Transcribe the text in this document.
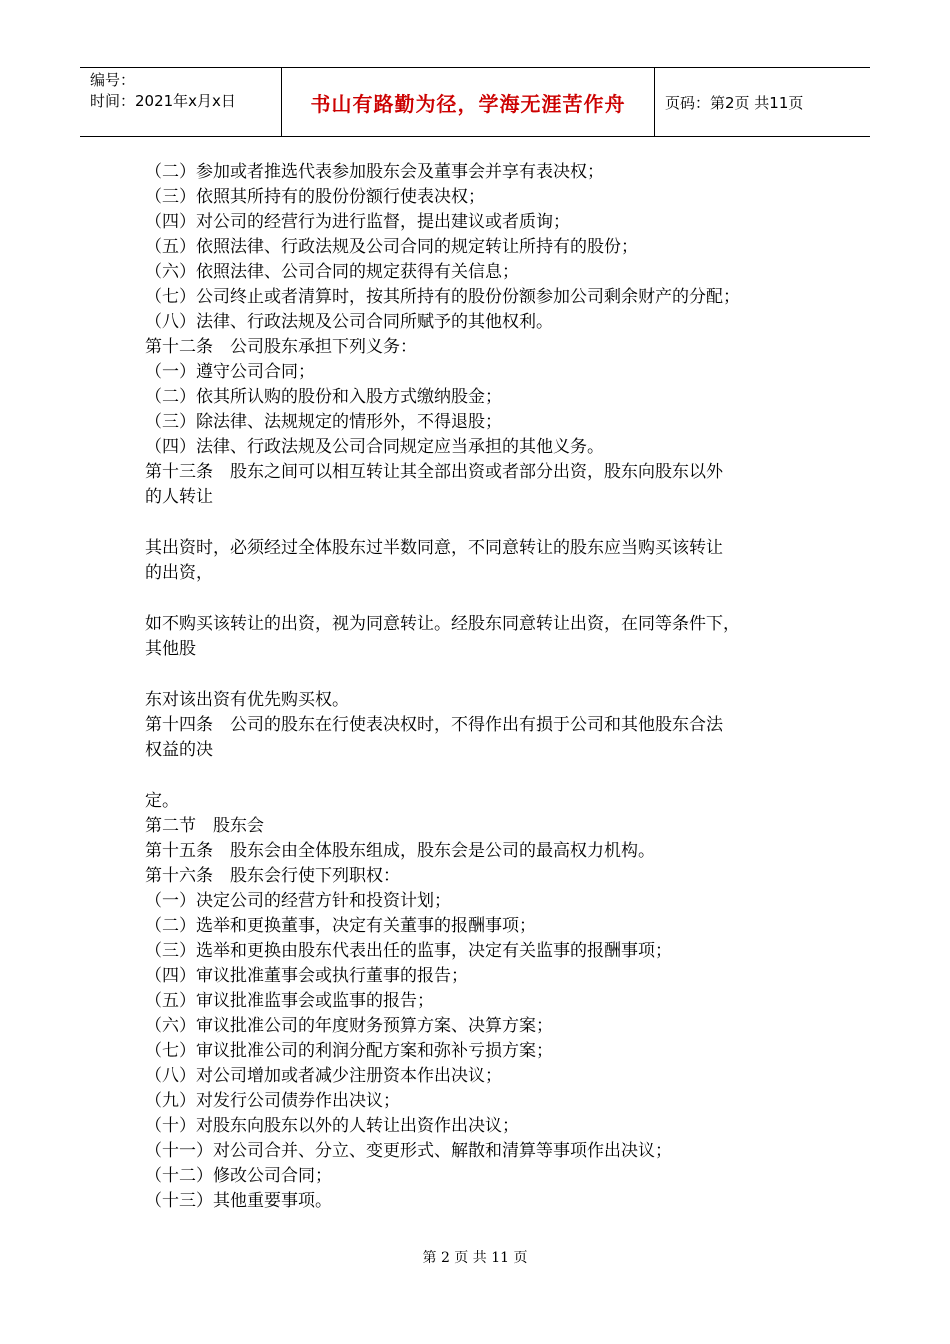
编号：
时间：2021年x月x日	书山有路勤为径，学海无涯苦作舟	页码：第2页 共11页
（二）参加或者推选代表参加股东会及董事会并享有表决权；
（三）依照其所持有的股份份额行使表决权；
（四）对公司的经营行为进行监督，提出建议或者质询；
（五）依照法律、行政法规及公司合同的规定转让所持有的股份；
（六）依照法律、公司合同的规定获得有关信息；
（七）公司终止或者清算时，按其所持有的股份份额参加公司剩余财产的分配；
（八）法律、行政法规及公司合同所赋予的其他权利。
第十二条　公司股东承担下列义务：
（一）遵守公司合同；
（二）依其所认购的股份和入股方式缴纳股金；
（三）除法律、法规规定的情形外，不得退股；
（四）法律、行政法规及公司合同规定应当承担的其他义务。
第十三条　股东之间可以相互转让其全部出资或者部分出资，股东向股东以外
的人转让
其出资时，必须经过全体股东过半数同意，不同意转让的股东应当购买该转让
的出资，
如不购买该转让的出资，视为同意转让。经股东同意转让出资，在同等条件下，
其他股
东对该出资有优先购买权。
第十四条　公司的股东在行使表决权时，不得作出有损于公司和其他股东合法
权益的决
定。
第二节　股东会
第十五条　股东会由全体股东组成，股东会是公司的最高权力机构。
第十六条　股东会行使下列职权：
（一）决定公司的经营方针和投资计划；
（二）选举和更换董事，决定有关董事的报酬事项；
（三）选举和更换由股东代表出任的监事，决定有关监事的报酬事项；
（四）审议批准董事会或执行董事的报告；
（五）审议批准监事会或监事的报告；
（六）审议批准公司的年度财务预算方案、决算方案；
（七）审议批准公司的利润分配方案和弥补亏损方案；
（八）对公司增加或者减少注册资本作出决议；
（九）对发行公司债券作出决议；
（十）对股东向股东以外的人转让出资作出决议；
（十一）对公司合并、分立、变更形式、解散和清算等事项作出决议；
（十二）修改公司合同；
（十三）其他重要事项。
第 2 页 共 11 页
